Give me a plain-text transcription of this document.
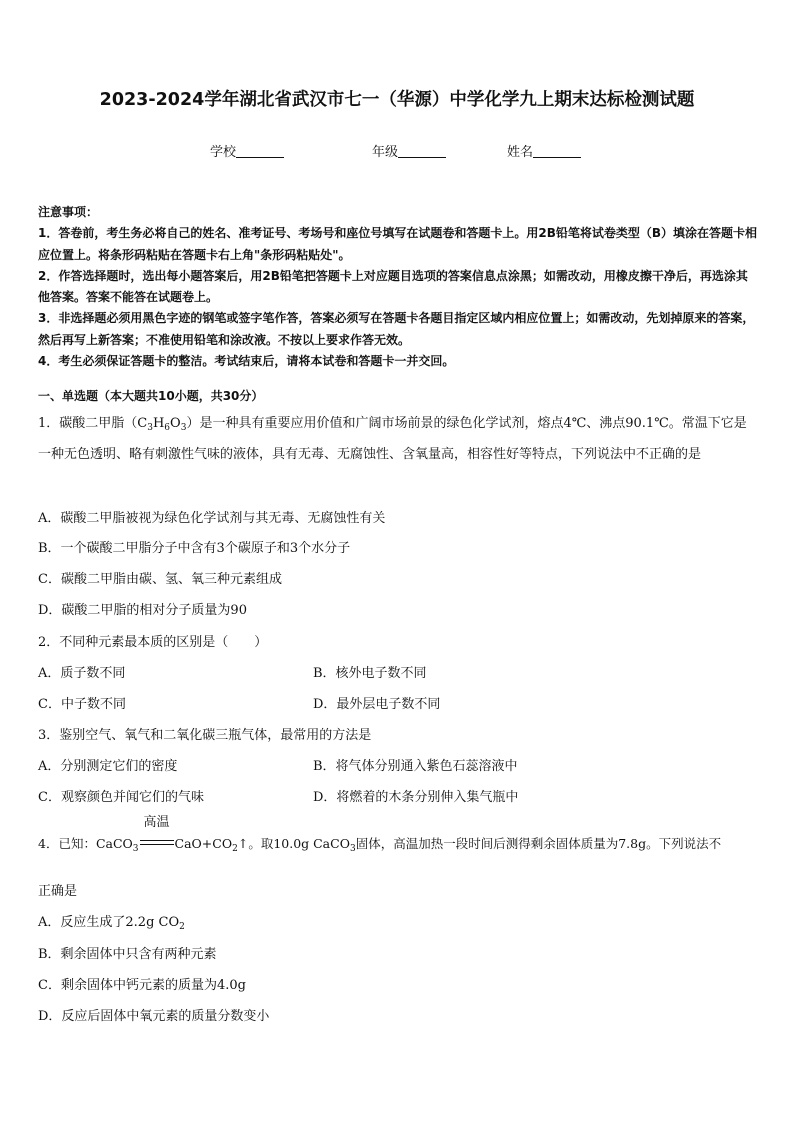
2023-2024学年湖北省武汉市七一（华源）中学化学九上期末达标检测试题
学校	年级	姓名

注意事项：

1．答卷前，考生务必将自己的姓名、准考证号、考场号和座位号填写在试题卷和答题卡上。用2B铅笔将试卷类型（B）填涂在答题卡相应位置上。将条形码粘贴在答题卡右上角"条形码粘贴处"。

2．作答选择题时，选出每小题答案后，用2B铅笔把答题卡上对应题目选项的答案信息点涂黑；如需改动，用橡皮擦干净后，再选涂其他答案。答案不能答在试题卷上。

3．非选择题必须用黑色字迹的钢笔或签字笔作答，答案必须写在答题卡各题目指定区域内相应位置上；如需改动，先划掉原来的答案，然后再写上新答案；不准使用铅笔和涂改液。不按以上要求作答无效。

4．考生必须保证答题卡的整洁。考试结束后，请将本试卷和答题卡一并交回。

一、单选题（本大题共10小题，共30分）

1．碳酸二甲脂$(C_3H_6O_3)$是一种具有重要应用价值和广阔市场前景的绿色化学试剂，熔点4℃、沸点90.1℃。常温下它是一种无色透明、略有刺激性气味的液体，具有无毒、无腐蚀性、含氧量高，相容性好等特点，下列说法中不正确的是

A．碳酸二甲脂被视为绿色化学试剂与其无毒、无腐蚀性有关
B．一个碳酸二甲脂分子中含有3个碳原子和3个水分子
C．碳酸二甲脂由碳、氢、氧三种元素组成
D．碳酸二甲脂的相对分子质量为90
2．不同种元素最本质的区别是（　　）
A．质子数不同	B．核外电子数不同
C．中子数不同	D．最外层电子数不同
3．鉴别空气、氧气和二氧化碳三瓶气体，最常用的方法是
A．分别测定它们的密度	B．将气体分别通入紫色石蕊溶液中
C．观察颜色并闻它们的气味	D．将燃着的木条分别伸入集气瓶中
4．已知：CaCO$_3$
高温
$CaO+CO_2↑$。取10.0g CaCO$_3$固体，高温加热一段时间后测得剩余固体质量为7.8g。下列说法不
正确是
A．反应生成了2.2g $CO_2$
B．剩余固体中只含有两种元素
C．剩余固体中钙元素的质量为4.0g
D．反应后固体中氧元素的质量分数变小
